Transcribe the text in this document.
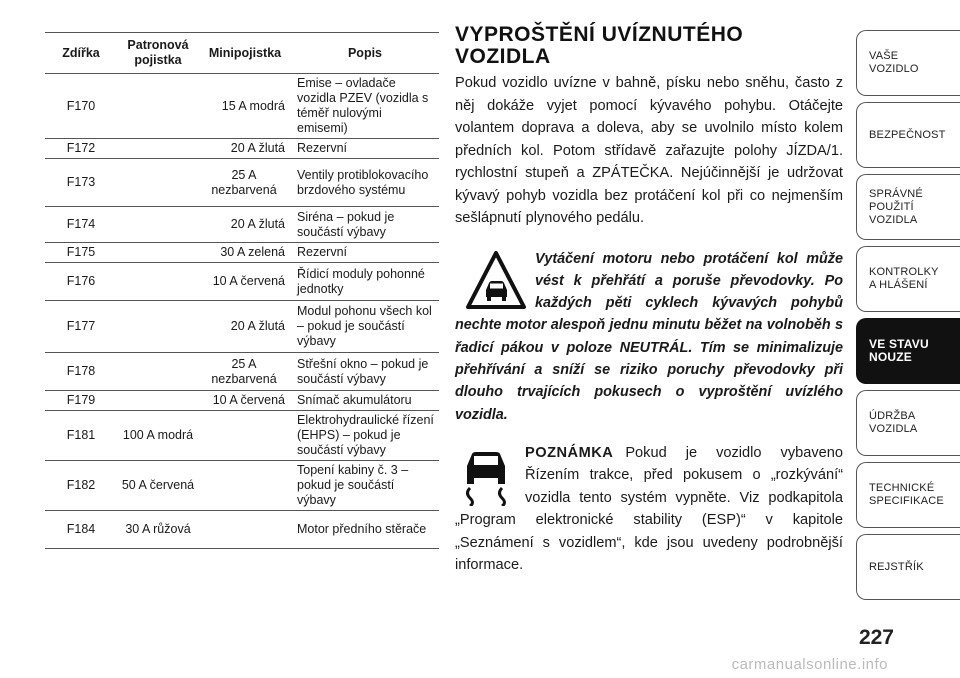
Zdířka	Patronová pojistka	Minipojistka	Popis
F170		15 A modrá	Emise – ovladače vozidla PZEV (vozidla s téměř nulovými emisemi)
F172		20 A žlutá	Rezervní
F173		25 A nezbarvená	Ventily protiblokovacího brzdového systému
F174		20 A žlutá	Siréna – pokud je součástí výbavy
F175		30 A zelená	Rezervní
F176		10 A červená	Řídicí moduly pohonné jednotky
F177		20 A žlutá	Modul pohonu všech kol – pokud je součástí výbavy
F178		25 A nezbarvená	Střešní okno – pokud je součástí výbavy
F179		10 A červená	Snímač akumulátoru
F181	100 A modrá		Elektrohydraulické řízení (EHPS) – pokud je součástí výbavy
F182	50 A červená		Topení kabiny č. 3 – pokud je součástí výbavy
F184	30 A růžová		Motor předního stěrače
VYPROŠTĚNÍ UVÍZNUTÉHO VOZIDLA

Pokud vozidlo uvízne v bahně, písku nebo sněhu, často z něj dokáže vyjet pomocí kývavého pohybu. Otáčejte volantem doprava a doleva, aby se uvolnilo místo kolem předních kol. Potom střídavě zařazujte polohy JÍZDA/1. rychlostní stupeň a ZPÁTEČKA. Nejúčinnější je udržovat kývavý pohyb vozidla bez protáčení kol při co nejmenším sešlápnutí plynového pedálu.

Vytáčení motoru nebo protáčení kol může vést k přehřátí a poruše převodovky. Po každých pěti cyklech kývavých pohybů nechte motor alespoň jednu minutu běžet na volnoběh s řadicí pákou v poloze NEUTRÁL. Tím se minimalizuje přehřívání a sníží se riziko poruchy převodovky při dlouho trvajících pokusech o vyproštění uvízlého vozidla.
POZNÁMKA Pokud je vozidlo vybaveno Řízením trakce, před pokusem o „rozkývání“ vozidla tento systém vypněte. Viz podkapitola „Program elektronické stability (ESP)“ v kapitole „Seznámení s vozidlem“, kde jsou uvedeny podrobnější informace.
VAŠE
VOZIDLO
BEZPEČNOST
SPRÁVNÉ
POUŽITÍ
VOZIDLA
KONTROLKY
A HLÁŠENÍ
VE STAVU
NOUZE
ÚDRŽBA
VOZIDLA
TECHNICKÉ
SPECIFIKACE
REJSTŘÍK
227
carmanualsonline.info
